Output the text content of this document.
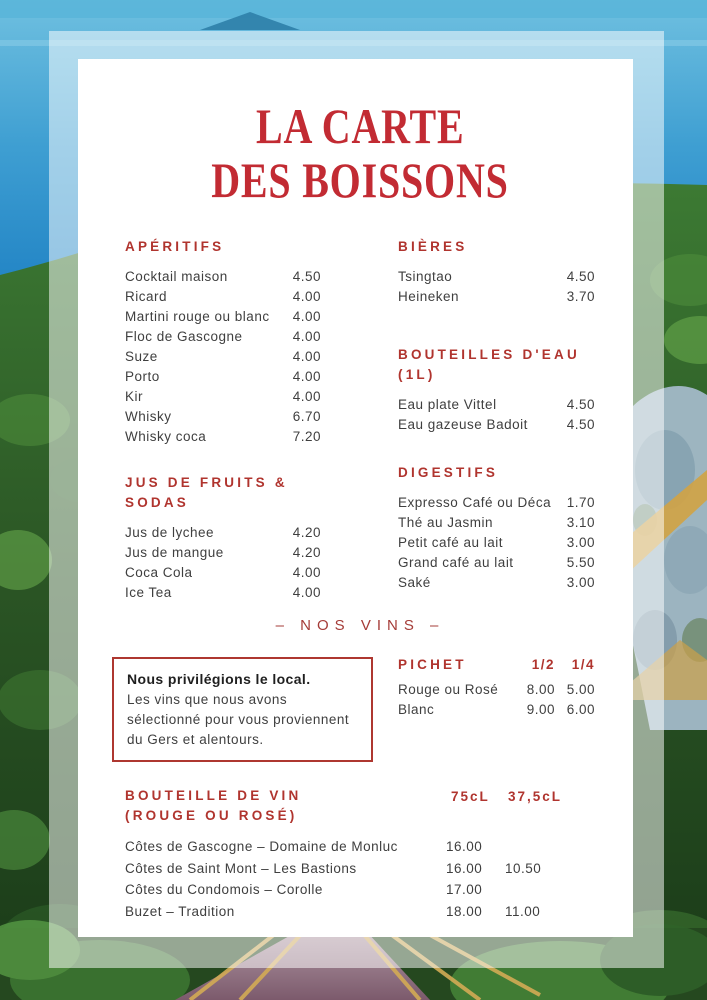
LA CARTE
DES BOISSONS
APÉRITIFS
Cocktail maison	4.50
Ricard	4.00
Martini rouge ou blanc 4.00
Floc de Gascogne	4.00
Suze	4.00
Porto	4.00
Kir	4.00
Whisky	6.70
Whisky coca	7.20
JUS DE FRUITS & SODAS
Jus de lychee	4.20
Jus de mangue	4.20
Coca Cola	4.00
Ice Tea	4.00
BIÈRES
Tsingtao	4.50
Heineken	3.70
BOUTEILLES D'EAU (1L)
Eau plate Vittel	4.50
Eau gazeuse Badoit	4.50
DIGESTIFS
Expresso Café ou Déca 1.70
Thé au Jasmin	3.10
Petit café au lait	3.00
Grand café au lait	5.50
Saké	3.00
– NOS VINS –
Nous privilégions le local.
Les vins que nous avons sélectionné pour vous proviennent du Gers et alentours.
PICHET	1/2	1/4
Rouge ou Rosé	8.00 5.00
Blanc	9.00 6.00
BOUTEILLE DE VIN (ROUGE OU ROSÉ)
75cL	37,5cL
Côtes de Gascogne – Domaine de Monluc	16.00
Côtes de Saint Mont – Les Bastions	16.00	10.50
Côtes du Condomois – Corolle	17.00
Buzet – Tradition	18.00	11.00
